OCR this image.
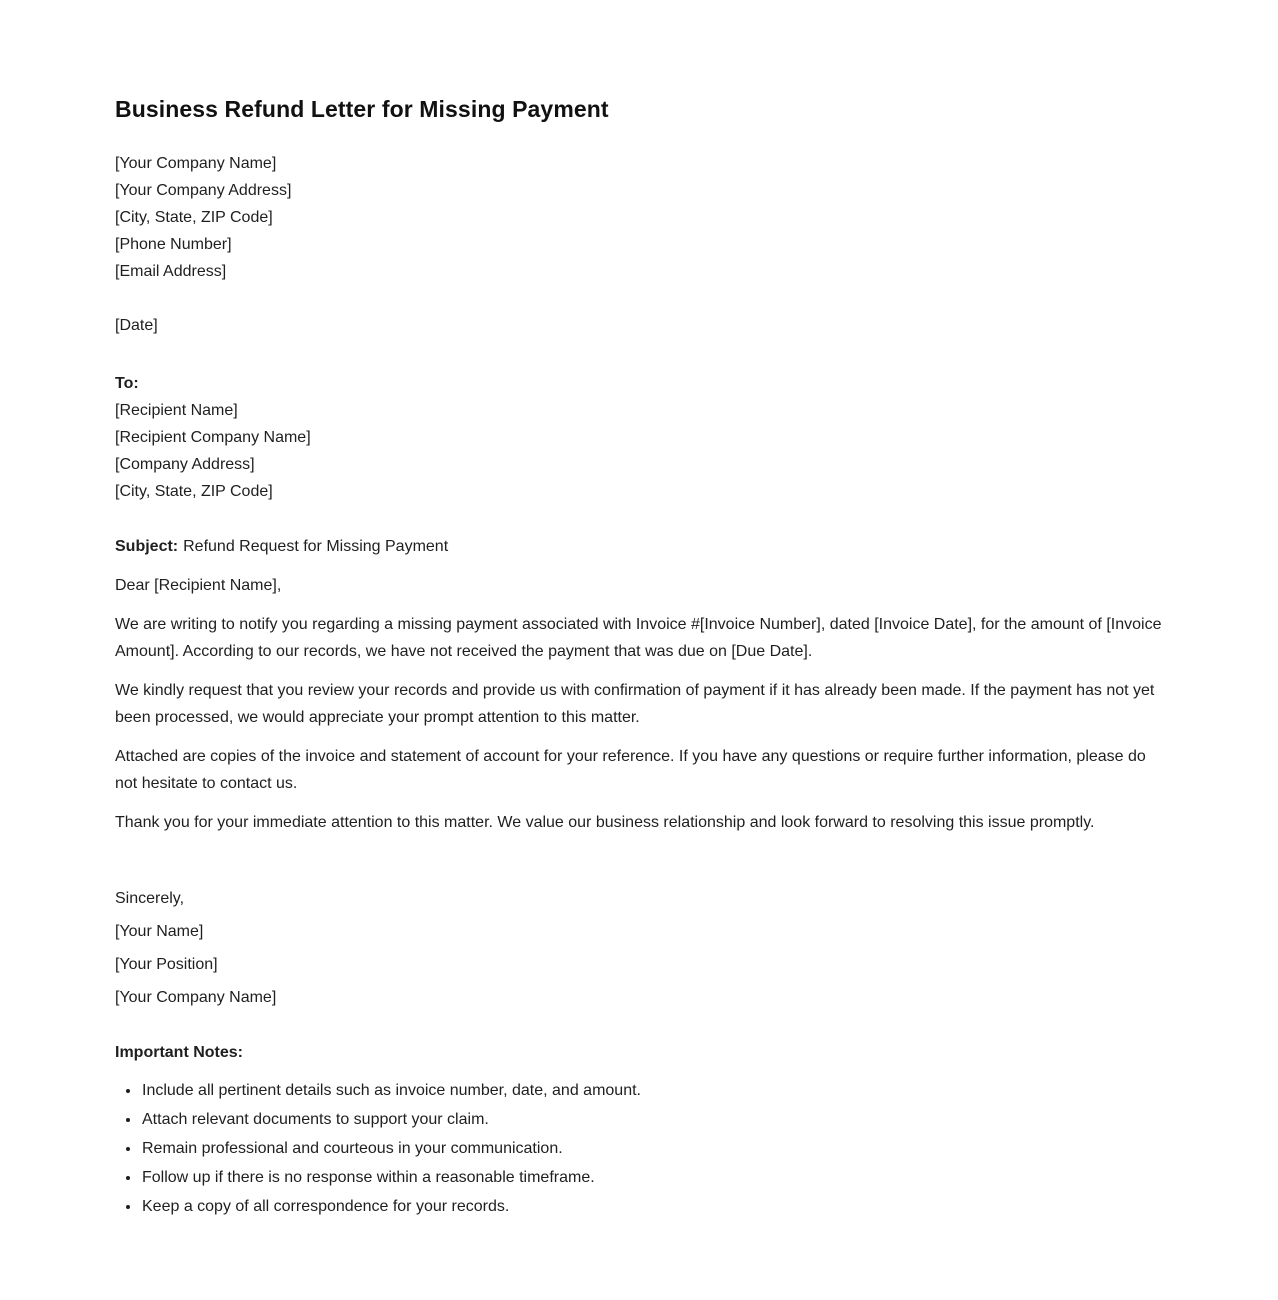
Business Refund Letter for Missing Payment

[Your Company Name]

[Your Company Address]

[City, State, ZIP Code]

[Phone Number]

[Email Address]

[Date]

To:

[Recipient Name]

[Recipient Company Name]

[Company Address]

[City, State, ZIP Code]

Subject: Refund Request for Missing Payment

Dear [Recipient Name],

We are writing to notify you regarding a missing payment associated with Invoice #[Invoice Number], dated [Invoice Date], for the amount of [Invoice Amount]. According to our records, we have not received the payment that was due on [Due Date].

We kindly request that you review your records and provide us with confirmation of payment if it has already been made. If the payment has not yet been processed, we would appreciate your prompt attention to this matter.

Attached are copies of the invoice and statement of account for your reference. If you have any questions or require further information, please do not hesitate to contact us.

Thank you for your immediate attention to this matter. We value our business relationship and look forward to resolving this issue promptly.

Sincerely,

[Your Name]

[Your Position]

[Your Company Name]

Important Notes:

• Include all pertinent details such as invoice number, date, and amount.
• Attach relevant documents to support your claim.
• Remain professional and courteous in your communication.
• Follow up if there is no response within a reasonable timeframe.
• Keep a copy of all correspondence for your records.
